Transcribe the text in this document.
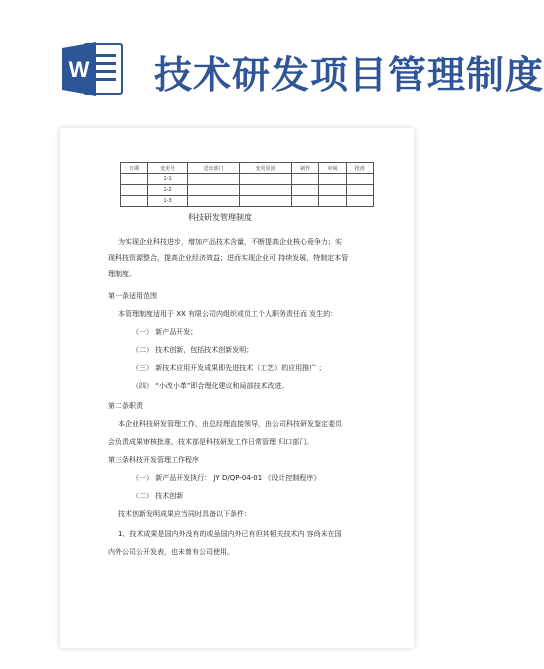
W 技术研发项目管理制度
日期	变更号	送出部门	变更原因	制作	审阅	批准
	1-1					
	1-2					
	1-3					
科技研发管理制度
为实现企业科技进步，增加产品技术含量，不断提高企业核心竟争力；实
现科技资源整合，提高企业经济效益；进而实现企业可 持续发展，特制定本管
理制度。
第一条适用范围
本管理制度适用于 XX 有限公司内组织或员工个人职务责任而 发生的：
（一） 新产品开发；
（二） 技术创新，包括技术创新发明；
（三） 新技术应用开发成果即先进技术（工艺）的应用推广 ；
（四） “小改小革”即合理化建议和局部技术改进。
第二条职责
本企业科技研发管理工作，由总经理直接领导，由公司科技研发鉴定委员
会负责成果审核批准，技术部是科技研发工作日常管理 归口部门。
第三条科技开发管理工作程序
（一） 新产品开发执行： JY D/QP-04-01 《设计控制程序》
（二） 技术创新
技术创新发明成果应当同时具备以下条件：
1、技术成果是国内外没有的或虽国内外已有但其相关技术内 容尚未在国
内外公司公开发表，也未曾有公司使用。
